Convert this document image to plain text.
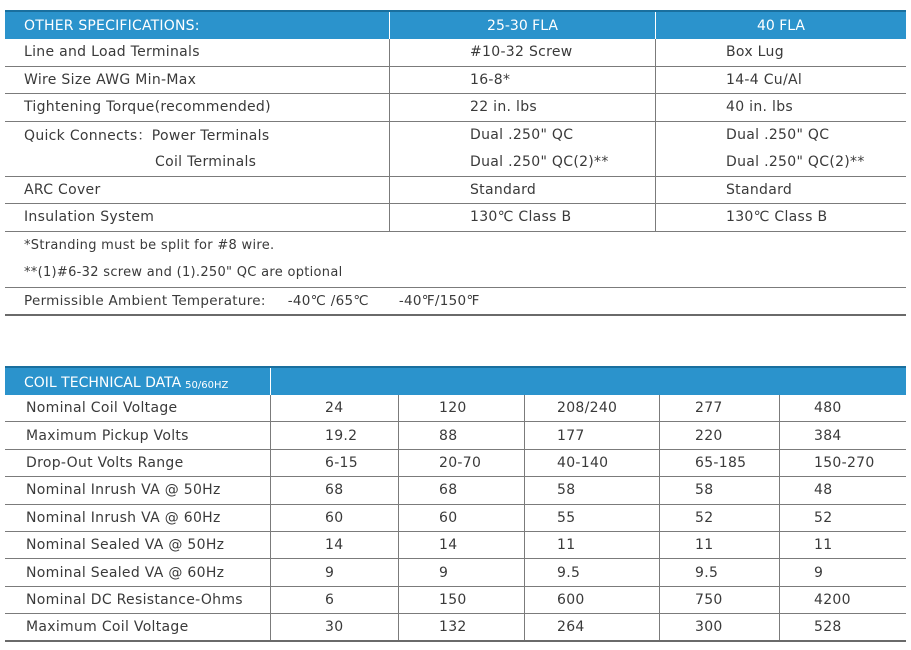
OTHER SPECIFICATIONS:	25-30 FLA	40 FLA
Line and Load Terminals	#10-32 Screw	Box Lug
Wire Size AWG Min-Max	16-8*	14-4 Cu/Al
Tightening Torque(recommended)	22 in. lbs	40 in. lbs
Quick Connects：Power Terminals	Dual .250" QC	Dual .250" QC
Coil Terminals	Dual .250" QC(2)**	Dual .250" QC(2)**
ARC Cover	Standard	Standard
Insulation System	130℃ Class B	130℃ Class B
*Stranding must be split for #8 wire.
**(1)#6-32 screw and (1).250" QC are optional
Permissible Ambient Temperature: -40℃ /65℃ -40℉/150℉
COIL TECHNICAL DATA 50/60HZ
Nominal Coil Voltage	24	120	208/240	277	480
Maximum Pickup Volts	19.2	88	177	220	384
Drop-Out Volts Range	6-15	20-70	40-140	65-185	150-270
Nominal Inrush VA @ 50Hz	68	68	58	58	48
Nominal Inrush VA @ 60Hz	60	60	55	52	52
Nominal Sealed VA @ 50Hz	14	14	11	11	11
Nominal Sealed VA @ 60Hz	9	9	9.5	9.5	9
Nominal DC Resistance-Ohms	6	150	600	750	4200
Maximum Coil Voltage	30	132	264	300	528
